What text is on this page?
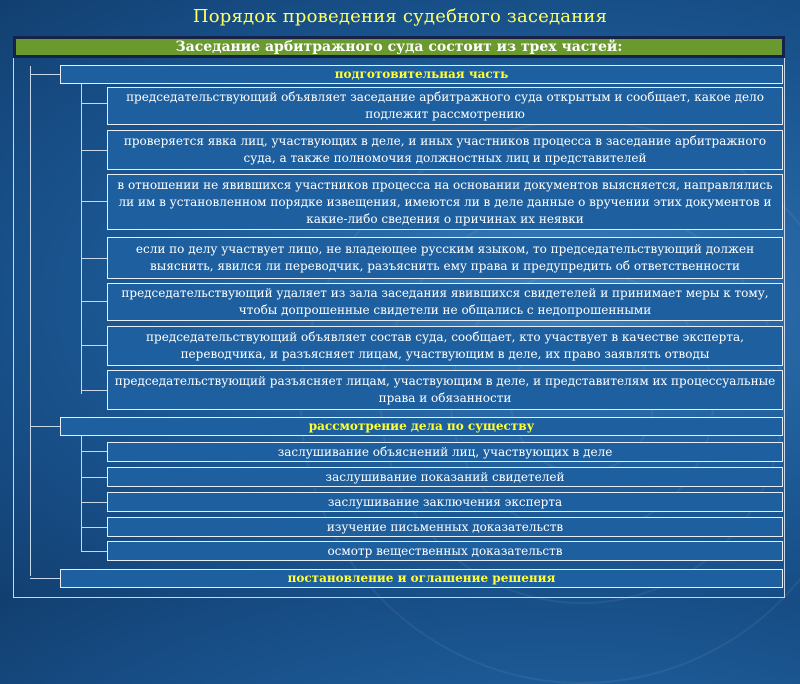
Порядок проведения судебного заседания
Заседание арбитражного суда состоит из трех частей:
подготовительная часть
рассмотрение дела по существу
постановление и оглашение решения
председательствующий объявляет заседание арбитражного суда открытым и сообщает, какое дело подлежит рассмотрению
проверяется явка лиц, участвующих в деле, и иных участников процесса в заседание арбитражного суда, а также полномочия должностных лиц и представителей
в отношении не явившихся участников процесса на основании документов выясняется, направлялись ли им в установленном порядке извещения, имеются ли в деле данные о вручении этих документов и какие-либо сведения о причинах их неявки
если по делу участвует лицо, не владеющее русским языком, то председательствующий должен выяснить, явился ли переводчик, разъяснить ему права и предупредить об ответственности
председательствующий удаляет из зала заседания явившихся свидетелей и принимает меры к тому, чтобы допрошенные свидетели не общались с недопрошенными
председательствующий объявляет состав суда, сообщает, кто участвует в качестве эксперта, переводчика, и разъясняет лицам, участвующим в деле, их право заявлять отводы
председательствующий разъясняет лицам, участвующим в деле, и представителям их процессуальные права и обязанности
заслушивание объяснений лиц, участвующих в деле
заслушивание показаний свидетелей
заслушивание заключения эксперта
изучение письменных доказательств
осмотр вещественных доказательств
